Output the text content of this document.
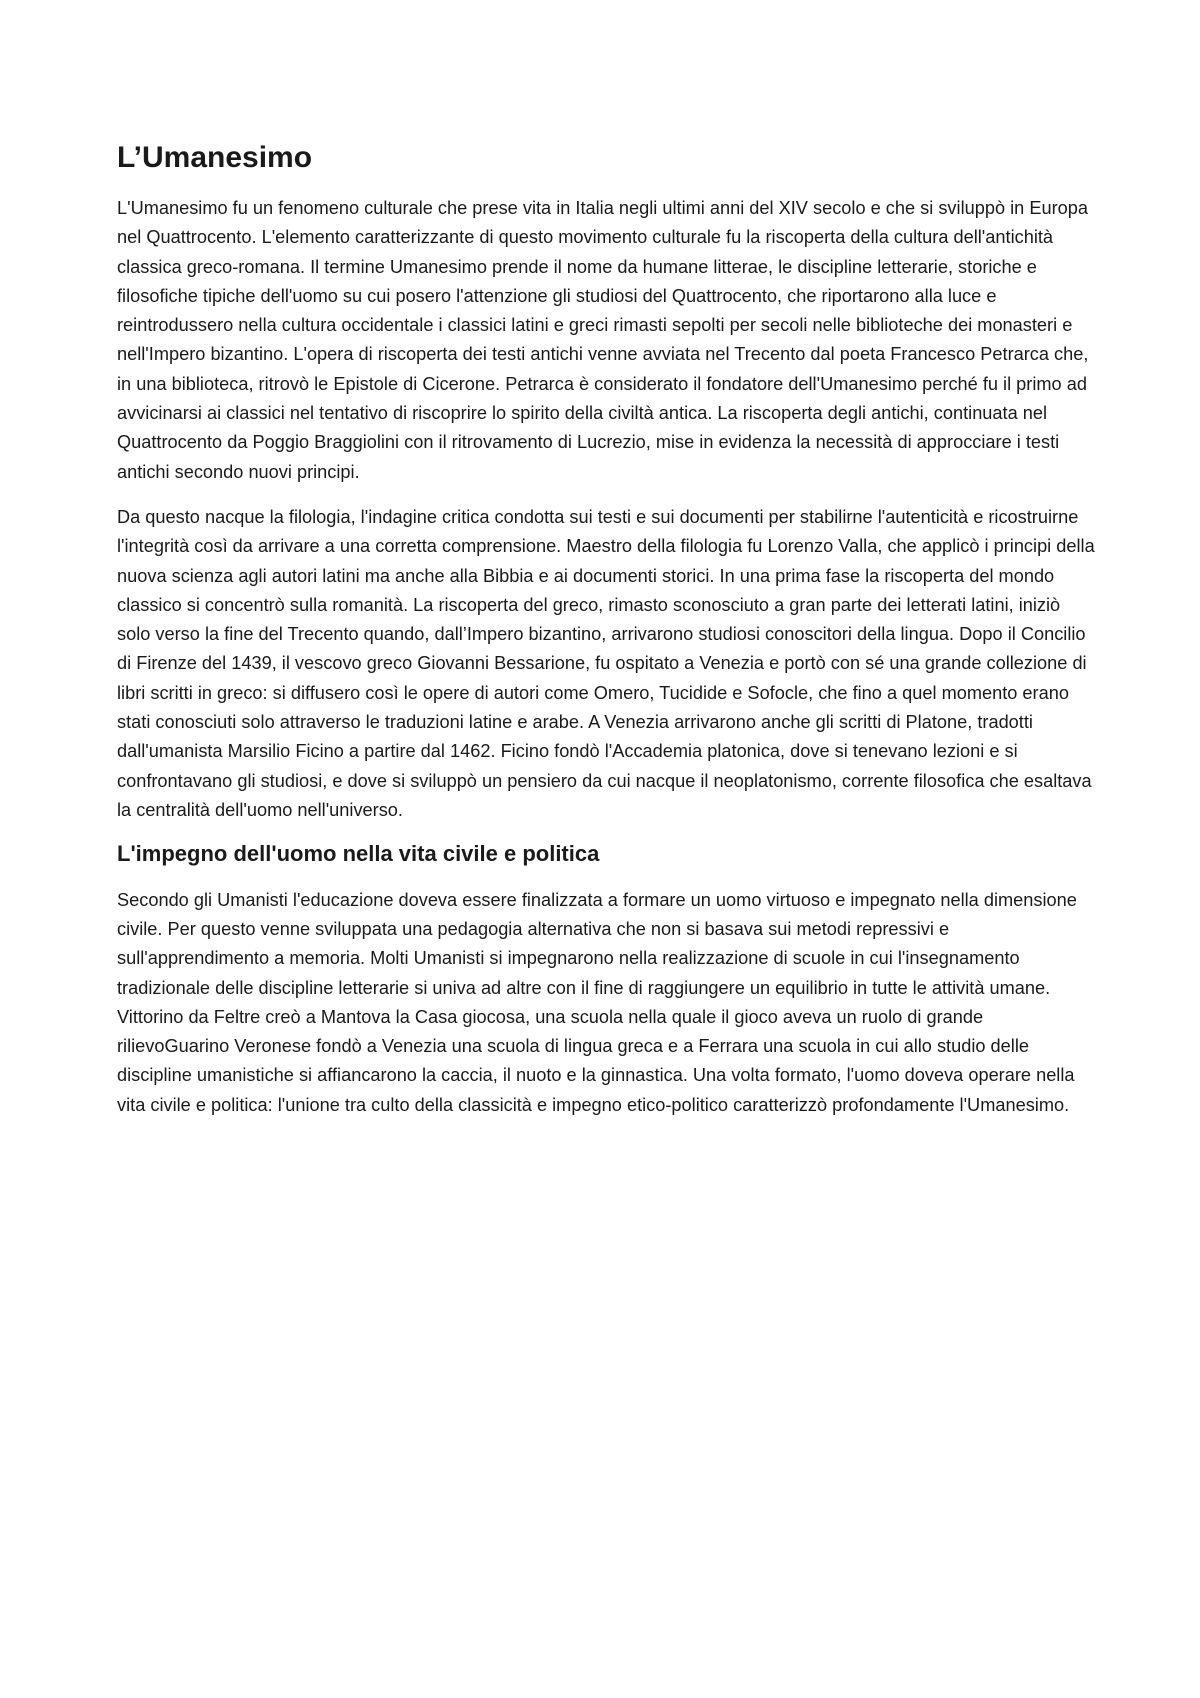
L’Umanesimo

L'Umanesimo fu un fenomeno culturale che prese vita in Italia negli ultimi anni del XIV secolo e che si sviluppò in Europa nel Quattrocento. L'elemento caratterizzante di questo movimento culturale fu la riscoperta della cultura dell'antichità classica greco-romana. Il termine Umanesimo prende il nome da humane litterae, le discipline letterarie, storiche e filosofiche tipiche dell'uomo su cui posero l'attenzione gli studiosi del Quattrocento, che riportarono alla luce e reintrodussero nella cultura occidentale i classici latini e greci rimasti sepolti per secoli nelle biblioteche dei monasteri e nell'Impero bizantino. L'opera di riscoperta dei testi antichi venne avviata nel Trecento dal poeta Francesco Petrarca che, in una biblioteca, ritrovò le Epistole di Cicerone. Petrarca è considerato il fondatore dell'Umanesimo perché fu il primo ad avvicinarsi ai classici nel tentativo di riscoprire lo spirito della civiltà antica. La riscoperta degli antichi, continuata nel Quattrocento da Poggio Braggiolini con il ritrovamento di Lucrezio, mise in evidenza la necessità di approcciare i testi antichi secondo nuovi principi.

Da questo nacque la filologia, l'indagine critica condotta sui testi e sui documenti per stabilirne l'autenticità e ricostruirne l'integrità così da arrivare a una corretta comprensione. Maestro della filologia fu Lorenzo Valla, che applicò i principi della nuova scienza agli autori latini ma anche alla Bibbia e ai documenti storici. In una prima fase la riscoperta del mondo classico si concentrò sulla romanità. La riscoperta del greco, rimasto sconosciuto a gran parte dei letterati latini, iniziò solo verso la fine del Trecento quando, dall’Impero bizantino, arrivarono studiosi conoscitori della lingua. Dopo il Concilio di Firenze del 1439, il vescovo greco Giovanni Bessarione, fu ospitato a Venezia e portò con sé una grande collezione di libri scritti in greco: si diffusero così le opere di autori come Omero, Tucidide e Sofocle, che fino a quel momento erano stati conosciuti solo attraverso le traduzioni latine e arabe. A Venezia arrivarono anche gli scritti di Platone, tradotti dall'umanista Marsilio Ficino a partire dal 1462. Ficino fondò l'Accademia platonica, dove si tenevano lezioni e si confrontavano gli studiosi, e dove si sviluppò un pensiero da cui nacque il neoplatonismo, corrente filosofica che esaltava la centralità dell'uomo nell'universo.

L'impegno dell'uomo nella vita civile e politica

Secondo gli Umanisti l'educazione doveva essere finalizzata a formare un uomo virtuoso e impegnato nella dimensione civile. Per questo venne sviluppata una pedagogia alternativa che non si basava sui metodi repressivi e sull'apprendimento a memoria. Molti Umanisti si impegnarono nella realizzazione di scuole in cui l'insegnamento tradizionale delle discipline letterarie si univa ad altre con il fine di raggiungere un equilibrio in tutte le attività umane. Vittorino da Feltre creò a Mantova la Casa giocosa, una scuola nella quale il gioco aveva un ruolo di grande rilievoGuarino Veronese fondò a Venezia una scuola di lingua greca e a Ferrara una scuola in cui allo studio delle discipline umanistiche si affiancarono la caccia, il nuoto e la ginnastica. Una volta formato, l'uomo doveva operare nella vita civile e politica: l'unione tra culto della classicità e impegno etico-politico caratterizzò profondamente l'Umanesimo.
